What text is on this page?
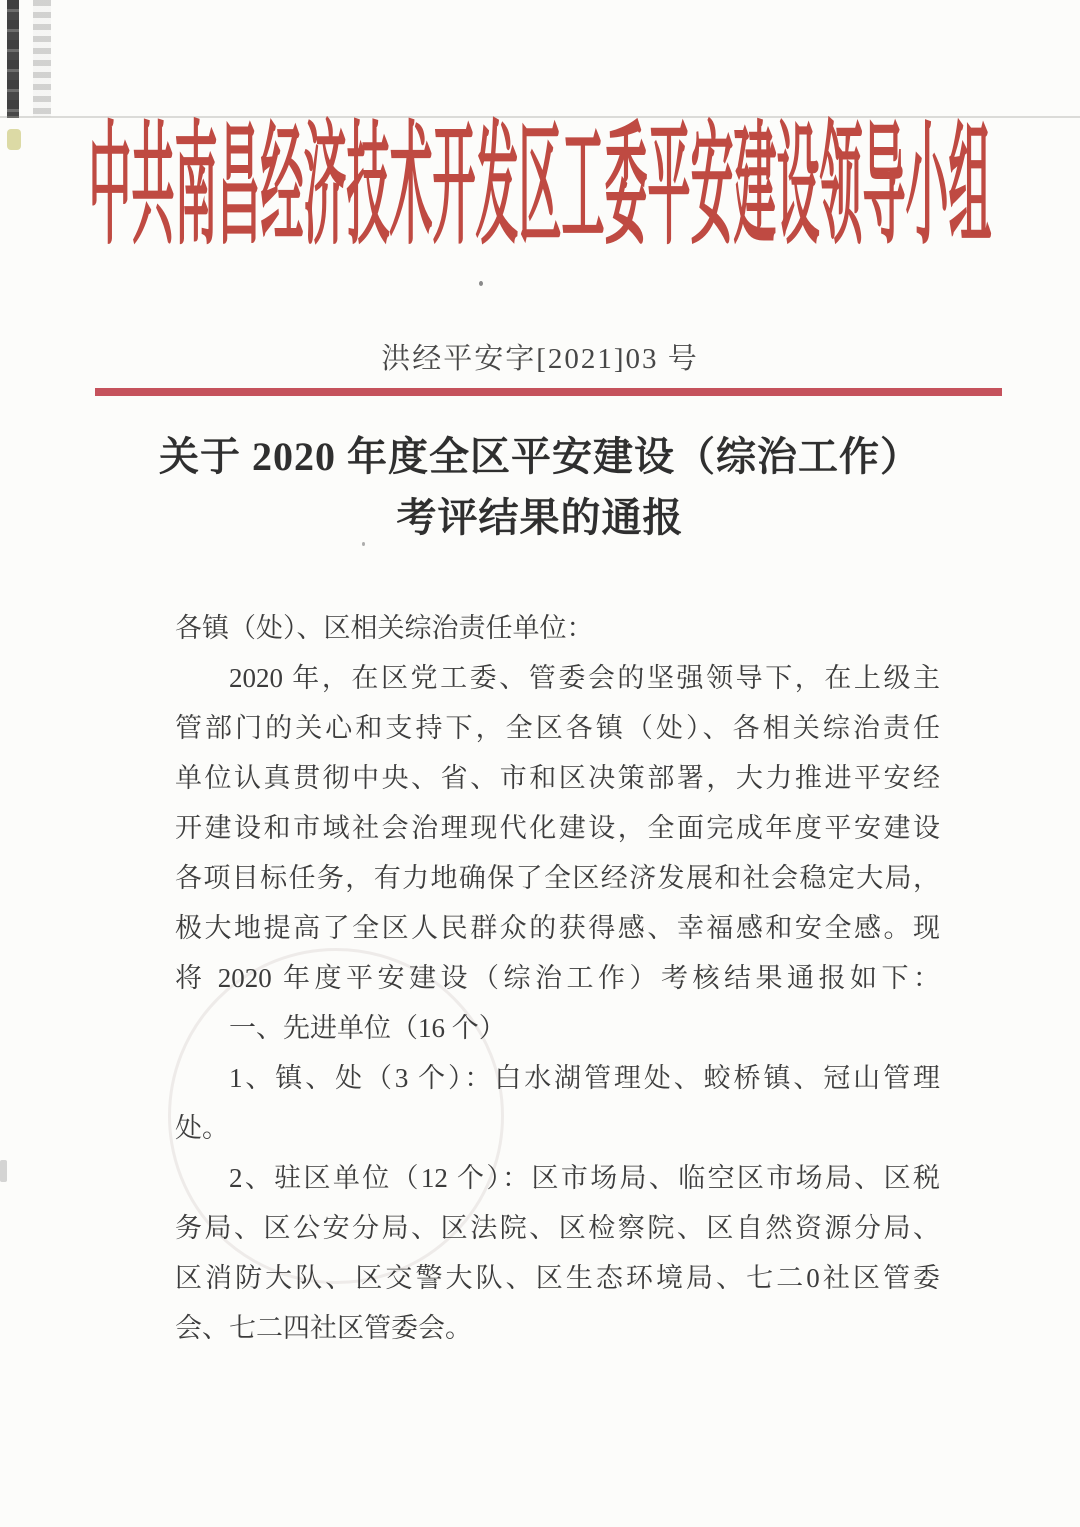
中共南昌经济技术开发区工委平安建设领导小组
洪经平安字[2021]03 号
关于 2020 年度全区平安建设（综治工作）
考评结果的通报
各镇（处）、区相关综治责任单位：
2020 年，在区党工委、管委会的坚强领导下，在上级主
管部门的关心和支持下，全区各镇（处）、各相关综治责任
单位认真贯彻中央、省、市和区决策部署，大力推进平安经
开建设和市域社会治理现代化建设，全面完成年度平安建设
各项目标任务，有力地确保了全区经济发展和社会稳定大局，
极大地提高了全区人民群众的获得感、幸福感和安全感。现
将 2020 年度平安建设（综治工作）考核结果通报如下：
一、先进单位（16 个）
1、镇、处（3 个）：白水湖管理处、蛟桥镇、冠山管理
处。
2、驻区单位（12 个）：区市场局、临空区市场局、区税
务局、区公安分局、区法院、区检察院、区自然资源分局、
区消防大队、区交警大队、区生态环境局、七二0社区管委
会、七二四社区管委会。
